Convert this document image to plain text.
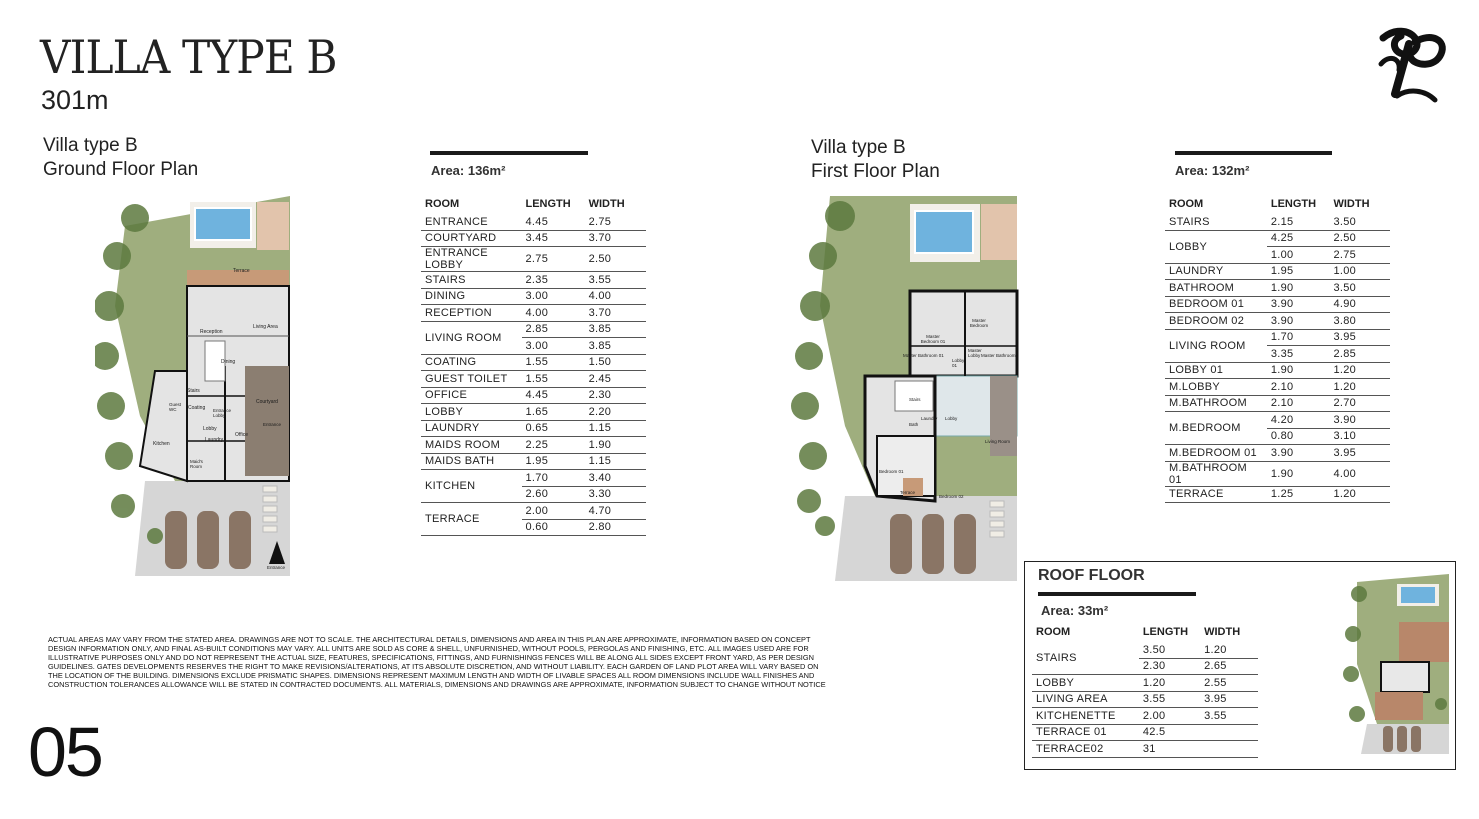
VILLA TYPE B
301m
Villa type B
Ground Floor Plan
Terrace
Reception
Living Area
Dining
Stairs
Guest WC	Coating Entrance Lobby
Courtyard
Lobby
Laundry
Office
Entrance
Kitchen
Maid's Room
Entrance
Area: 136m²
ROOM	LENGTH	WIDTH
ENTRANCE	4.45	2.75
COURTYARD	3.45	3.70
ENTRANCE LOBBY	2.75	2.50
STAIRS	2.35	3.55
DINING	3.00	4.00
RECEPTION	4.00	3.70
LIVING ROOM	2.85	3.85
	3.00	3.85
COATING	1.55	1.50
GUEST TOILET	1.55	2.45
OFFICE	4.45	2.30
LOBBY	1.65	2.20
LAUNDRY	0.65	1.15
MAIDS ROOM	2.25	1.90
MAIDS BATH	1.95	1.15
KITCHEN	1.70	3.40
	2.60	3.30
TERRACE	2.00	4.70
	0.60	2.80
Villa type B
First Floor Plan
Master Bedroom 01
Master Bedroom
Master Bathroom 01
Lobby 01
Master Lobby Master Bathroom
Stairs
Laundry Lobby
Bath
Living Room
Bedroom 01
Bedroom 02
Terrace
Area: 132m²
ROOM	LENGTH	WIDTH
STAIRS	2.15	3.50
LOBBY	4.25	2.50
	1.00	2.75
LAUNDRY	1.95	1.00
BATHROOM	1.90	3.50
BEDROOM 01	3.90	4.90
BEDROOM 02	3.90	3.80
LIVING ROOM	1.70	3.95
	3.35	2.85
LOBBY 01	1.90	1.20
M.LOBBY	2.10	1.20
M.BATHROOM	2.10	2.70
M.BEDROOM	4.20	3.90
	0.80	3.10
M.BEDROOM 01	3.90	3.95
M.BATHROOM 01	1.90	4.00
TERRACE	1.25	1.20
ROOF FLOOR
Area: 33m²
ROOM	LENGTH	WIDTH
STAIRS	3.50	1.20
	2.30	2.65
LOBBY	1.20	2.55
LIVING AREA	3.55	3.95
KITCHENETTE	2.00	3.55
TERRACE 01	42.5	
TERRACE02	31	
ACTUAL AREAS MAY VARY FROM THE STATED AREA. DRAWINGS ARE NOT TO SCALE. THE ARCHITECTURAL DETAILS, DIMENSIONS AND AREA IN THIS PLAN ARE APPROXIMATE, INFORMATION BASED ON CONCEPT DESIGN INFORMATION ONLY, AND FINAL AS-BUILT CONDITIONS MAY VARY. ALL UNITS ARE SOLD AS CORE & SHELL, UNFURNISHED, WITHOUT POOLS, PERGOLAS AND FINISHING, ETC. ALL IMAGES USED ARE FOR ILLUSTRATIVE PURPOSES ONLY AND DO NOT REPRESENT THE ACTUAL SIZE, FEATURES, SPECIFICATIONS, FITTINGS, AND FURNISHINGS FENCES WILL BE ALONG ALL SIDES EXCEPT FRONT YARD, AS PER DESIGN GUIDELINES. GATES DEVELOPMENTS RESERVES THE RIGHT TO MAKE REVISIONS/ALTERATIONS, AT ITS ABSOLUTE DISCRETION, AND WITHOUT LIABILITY. EACH GARDEN OF LAND PLOT AREA WILL VARY BASED ON THE LOCATION OF THE BUILDING. DIMENSIONS EXCLUDE PRISMATIC SHAPES. DIMENSIONS REPRESENT MAXIMUM LENGTH AND WIDTH OF LIVABLE SPACES ALL ROOM DIMENSIONS INCLUDE WALL FINISHES AND CONSTRUCTION TOLERANCES ALLOWANCE WILL BE STATED IN CONTRACTED DOCUMENTS. ALL MATERIALS, DIMENSIONS AND DRAWINGS ARE APPROXIMATE, INFORMATION SUBJECT TO CHANGE WITHOUT NOTICE
05
